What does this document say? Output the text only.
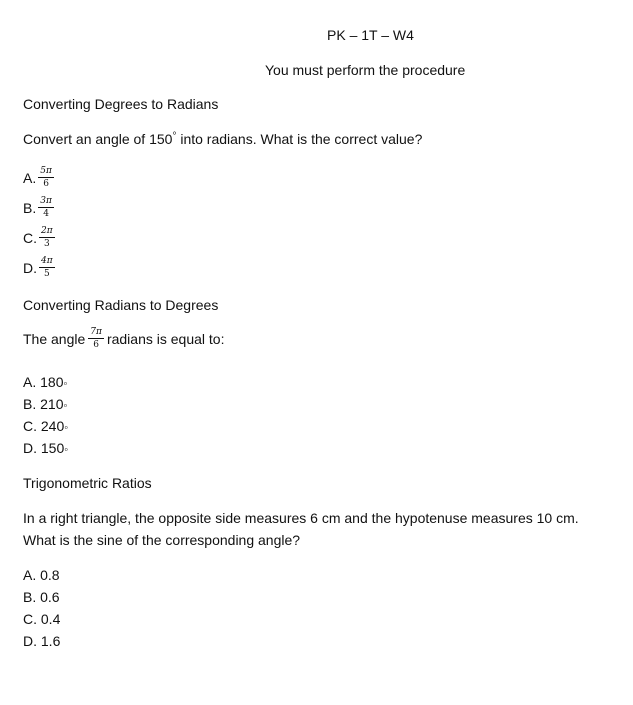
PK – 1T – W4
You must perform the procedure
Converting Degrees to Radians
Convert an angle of 150° into radians. What is the correct value?
A. $\frac{5\pi}{6}$
B. $\frac{3\pi}{4}$
C. $\frac{2\pi}{3}$
D. $\frac{4\pi}{5}$
Converting Radians to Degrees
The angle $\frac{7\pi}{6}$ radians is equal to:
A. 180◦
B. 210◦
C. 240◦
D. 150◦
Trigonometric Ratios
In a right triangle, the opposite side measures 6 cm and the hypotenuse measures 10 cm.
What is the sine of the corresponding angle?
A. 0.8
B. 0.6
C. 0.4
D. 1.6
